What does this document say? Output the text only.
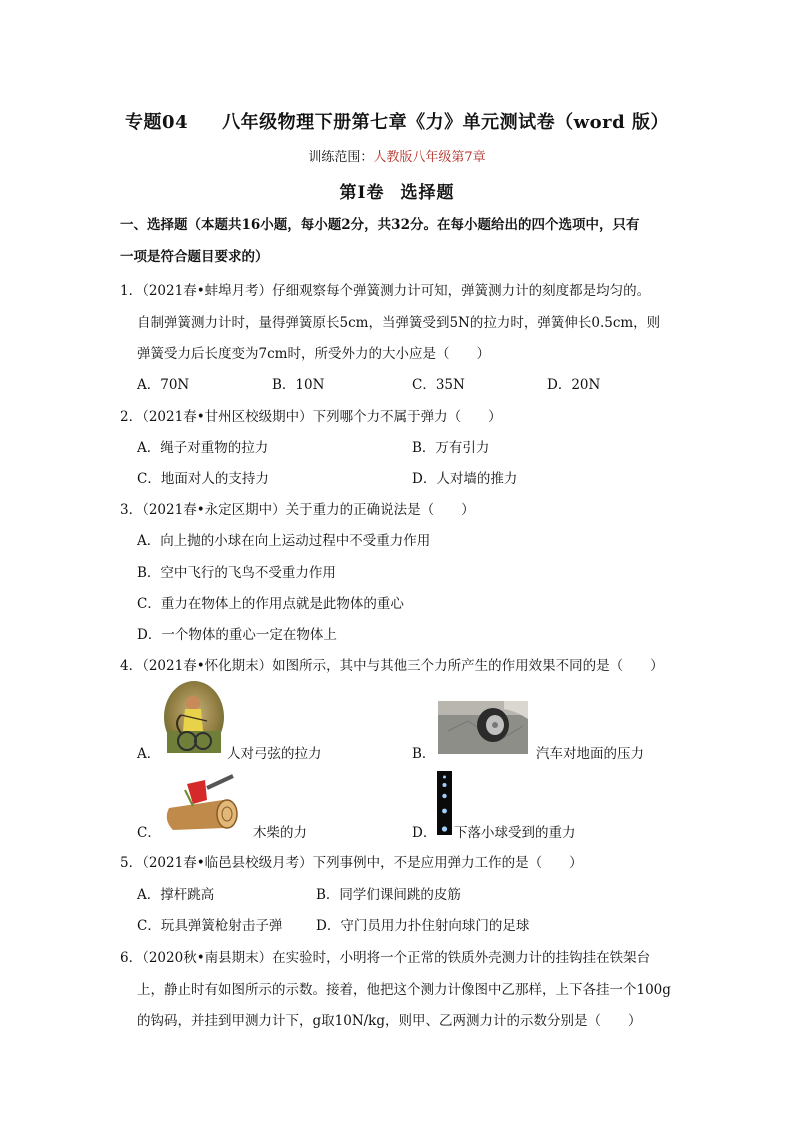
专题04 八年级物理下册第七章《力》单元测试卷（word 版）
训练范围：人教版八年级第7章
第Ⅰ卷 选择题
一、选择题（本题共16小题，每小题2分，共32分。在每小题给出的四个选项中，只有
一项是符合题目要求的）
1．（2021春•蚌埠月考）仔细观察每个弹簧测力计可知，弹簧测力计的刻度都是均匀的。
自制弹簧测力计时，量得弹簧原长5cm，当弹簧受到5N的拉力时，弹簧伸长0.5cm，则
弹簧受力后长度变为7cm时，所受外力的大小应是（　　）
A．70N	B．10N	C．35N	D．20N
2．（2021春•甘州区校级期中）下列哪个力不属于弹力（　　）
A．绳子对重物的拉力	B．万有引力
C．地面对人的支持力	D．人对墙的推力
3．（2021春•永定区期中）关于重力的正确说法是（　　）
A．向上抛的小球在向上运动过程中不受重力作用
B．空中飞行的飞鸟不受重力作用
C．重力在物体上的作用点就是此物体的重心
D．一个物体的重心一定在物体上
4．（2021春•怀化期末）如图所示，其中与其他三个力所产生的作用效果不同的是（　　）
A．	人对弓弦的拉力	B．	汽车对地面的压力
C．	木柴的力	D． 下落小球受到的重力
5．（2021春•临邑县校级月考）下列事例中，不是应用弹力工作的是（　　）
A．撑杆跳高	B．同学们课间跳的皮筋
C．玩具弹簧枪射击子弹 D．守门员用力扑住射向球门的足球
6．（2020秋•南县期末）在实验时，小明将一个正常的铁质外壳测力计的挂钩挂在铁架台
上，静止时有如图所示的示数。接着，他把这个测力计像图中乙那样，上下各挂一个100g
的钩码，并挂到甲测力计下，g取10N/kg，则甲、乙两测力计的示数分别是（　　）
